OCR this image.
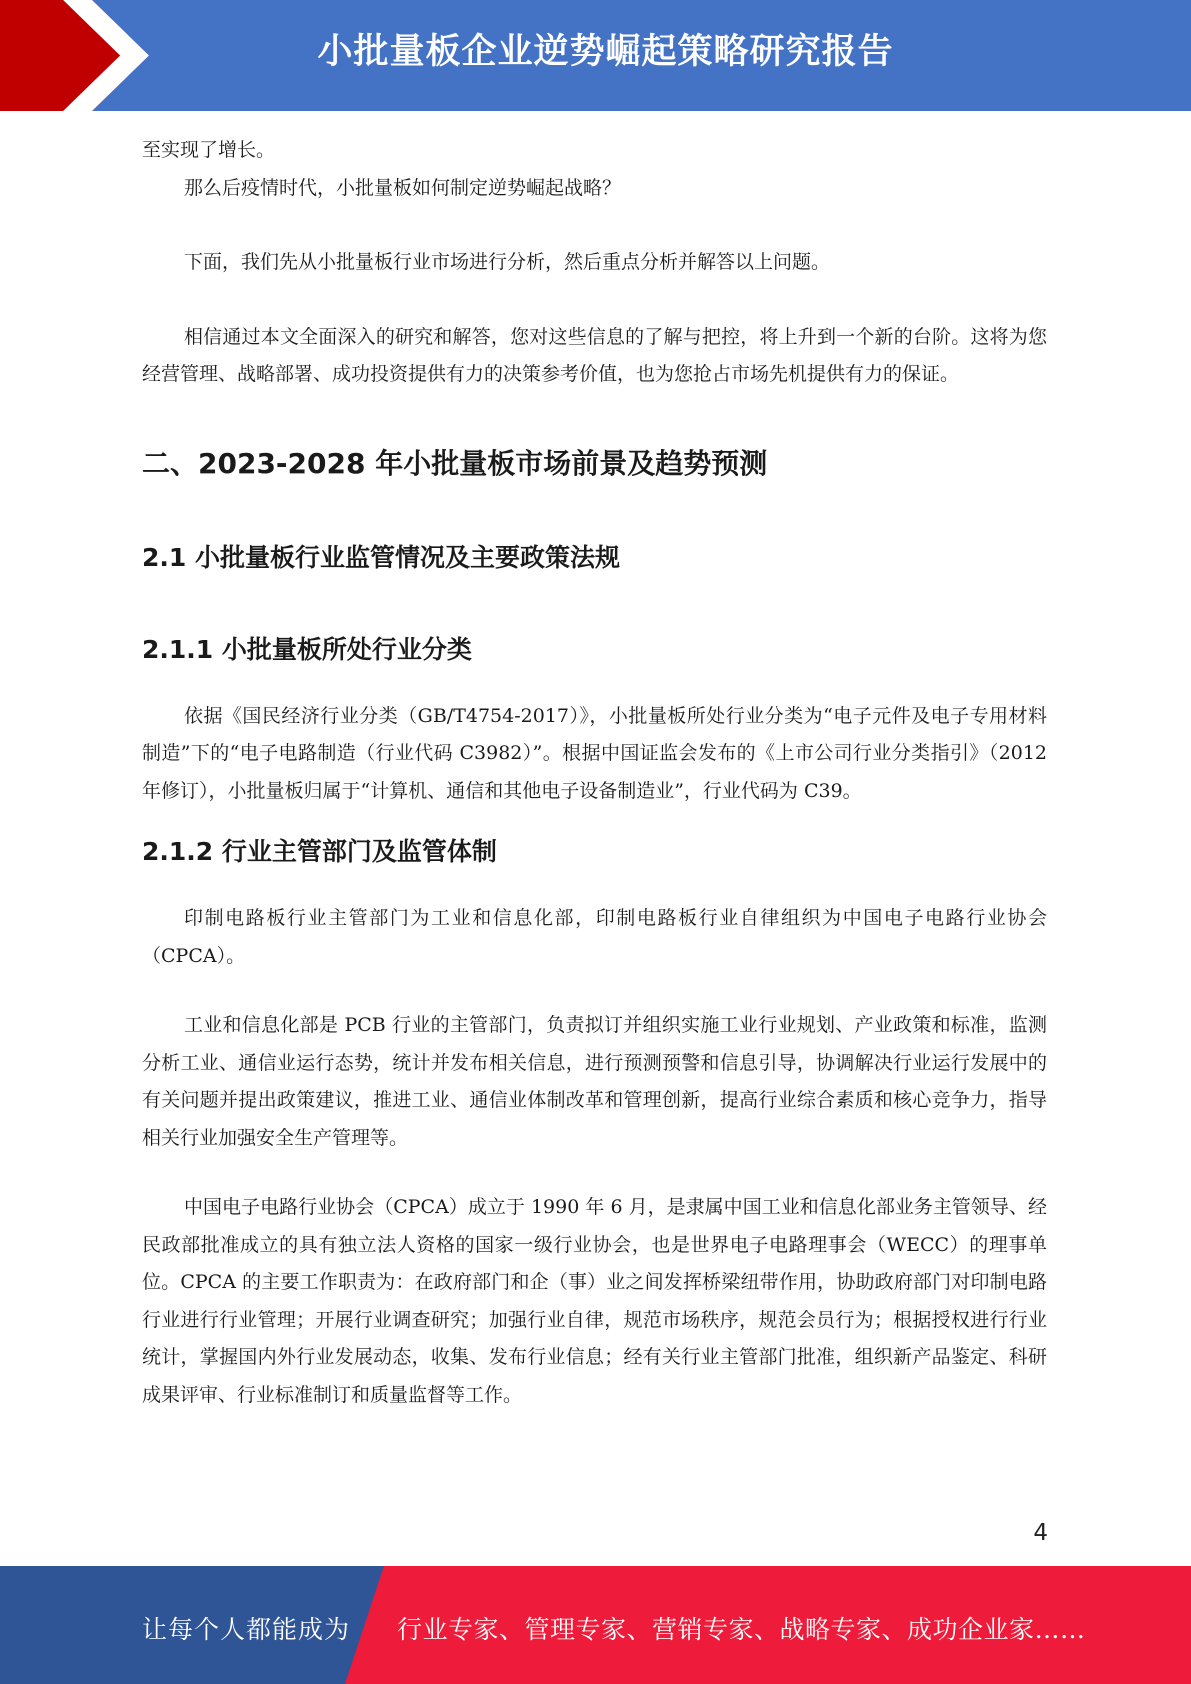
小批量板企业逆势崛起策略研究报告

至实现了增长。

那么后疫情时代，小批量板如何制定逆势崛起战略？

下面，我们先从小批量板行业市场进行分析，然后重点分析并解答以上问题。

相信通过本文全面深入的研究和解答，您对这些信息的了解与把控，将上升到一个新的台阶。这将为您经营管理、战略部署、成功投资提供有力的决策参考价值，也为您抢占市场先机提供有力的保证。

二、2023-2028 年小批量板市场前景及趋势预测
2.1 小批量板行业监管情况及主要政策法规
2.1.1 小批量板所处行业分类

依据《国民经济行业分类（GB/T4754-2017）》，小批量板所处行业分类为“电子元件及电子专用材料制造”下的“电子电路制造（行业代码 C3982）”。根据中国证监会发布的《上市公司行业分类指引》（2012 年修订），小批量板归属于“计算机、通信和其他电子设备制造业”，行业代码为 C39。

2.1.2 行业主管部门及监管体制

印制电路板行业主管部门为工业和信息化部，印制电路板行业自律组织为中国电子电路行业协会（CPCA）。

工业和信息化部是 PCB 行业的主管部门，负责拟订并组织实施工业行业规划、产业政策和标准，监测分析工业、通信业运行态势，统计并发布相关信息，进行预测预警和信息引导，协调解决行业运行发展中的有关问题并提出政策建议，推进工业、通信业体制改革和管理创新，提高行业综合素质和核心竞争力，指导相关行业加强安全生产管理等。

中国电子电路行业协会（CPCA）成立于 1990 年 6 月，是隶属中国工业和信息化部业务主管领导、经民政部批准成立的具有独立法人资格的国家一级行业协会，也是世界电子电路理事会（WECC）的理事单位。CPCA 的主要工作职责为：在政府部门和企（事）业之间发挥桥梁纽带作用，协助政府部门对印制电路行业进行行业管理；开展行业调查研究；加强行业自律，规范市场秩序，规范会员行为；根据授权进行行业统计，掌握国内外行业发展动态，收集、发布行业信息；经有关行业主管部门批准，组织新产品鉴定、科研成果评审、行业标准制订和质量监督等工作。

4
让每个人都能成为 行业专家、管理专家、营销专家、战略专家、成功企业家……
